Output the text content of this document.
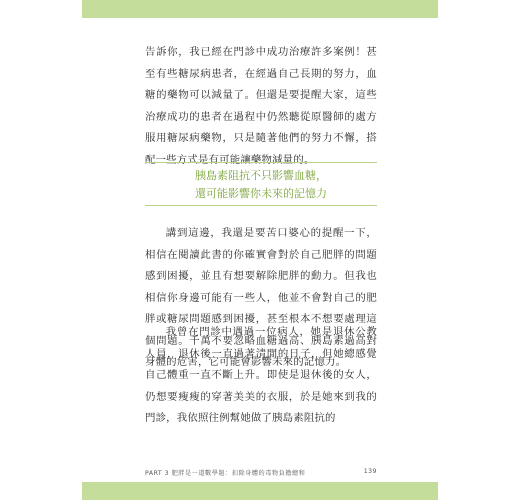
告訴你，我已經在門診中成功治療許多案例！甚至有些糖尿病患者，在經過自己長期的努力，血糖的藥物可以減量了。但還是要提醒大家，這些治療成功的患者在過程中仍然聽從原醫師的處方服用糖尿病藥物，只是隨著他們的努力不懈，搭配一些方式是有可能讓藥物減量的。

胰島素阻抗不只影響血糖，
還可能影響你未來的記憶力

講到這邊，我還是要苦口婆心的提醒一下，相信在閱讀此書的你確實會對於自己肥胖的問題感到困擾，並且有想要解除肥胖的動力。但我也相信你身邊可能有一些人，他並不會對自己的肥胖或糖尿問題感到困擾，甚至根本不想要處理這個問題。千萬不要忽略血糖過高、胰島素過高對身體的危害，它可能會影響未來的記憶力。

我曾在門診中遇過一位病人，她是退休公教人員，退休後一直過著清閒的日子，但她總感覺自己體重一直不斷上升。即使是退休後的女人，仍想要瘦瘦的穿著美美的衣服，於是她來到我的門診，我依照往例幫她做了胰島素阻抗的

PART 3 肥胖是一道數學題：扣除身體的毒物負擔總和	139
